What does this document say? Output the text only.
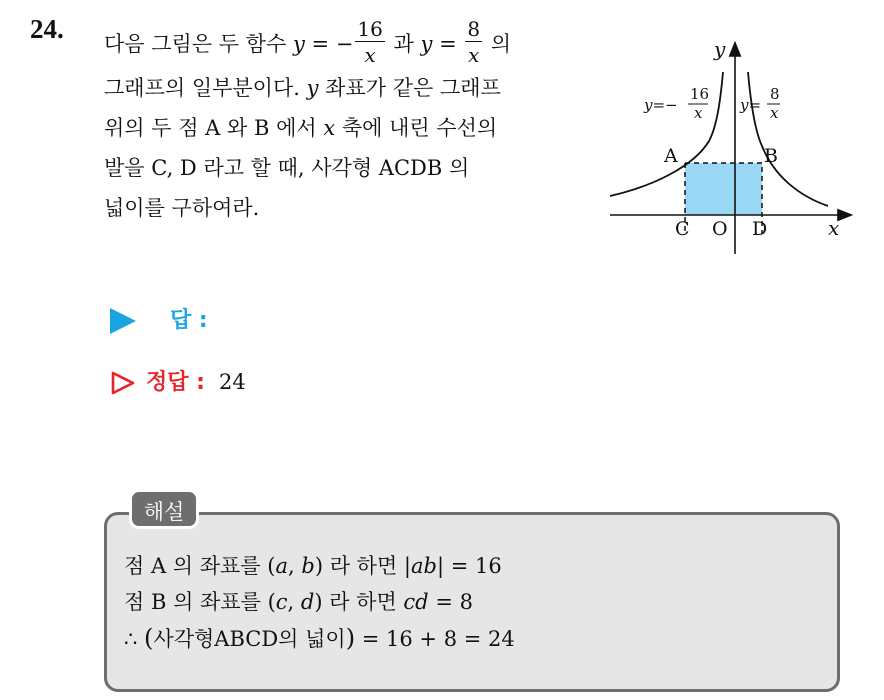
24. 다음 그림은 두 함수 y = − $\frac{16}{x}$ 과 $y = \frac{8}{x}$ 의
그래프의 일부분이다. y 좌표가 같은 그래프
위의 두 점 A 와 B 에서 x 축에 내린 수선의
발을 C, D 라고 할 때, 사각형 ACDB 의
넓이를 구하여라.
A	B
C O D	x
y
y=−
16
x	y=
8
x
답 :
정답 : 24
해설
점 A 의 좌표를 (a, b) 라 하면 |ab| = 16
점 B 의 좌표를 (c, d) 라 하면 cd = 8
∴ (사각형ABCD의 넓이) = 16 + 8 = 24
